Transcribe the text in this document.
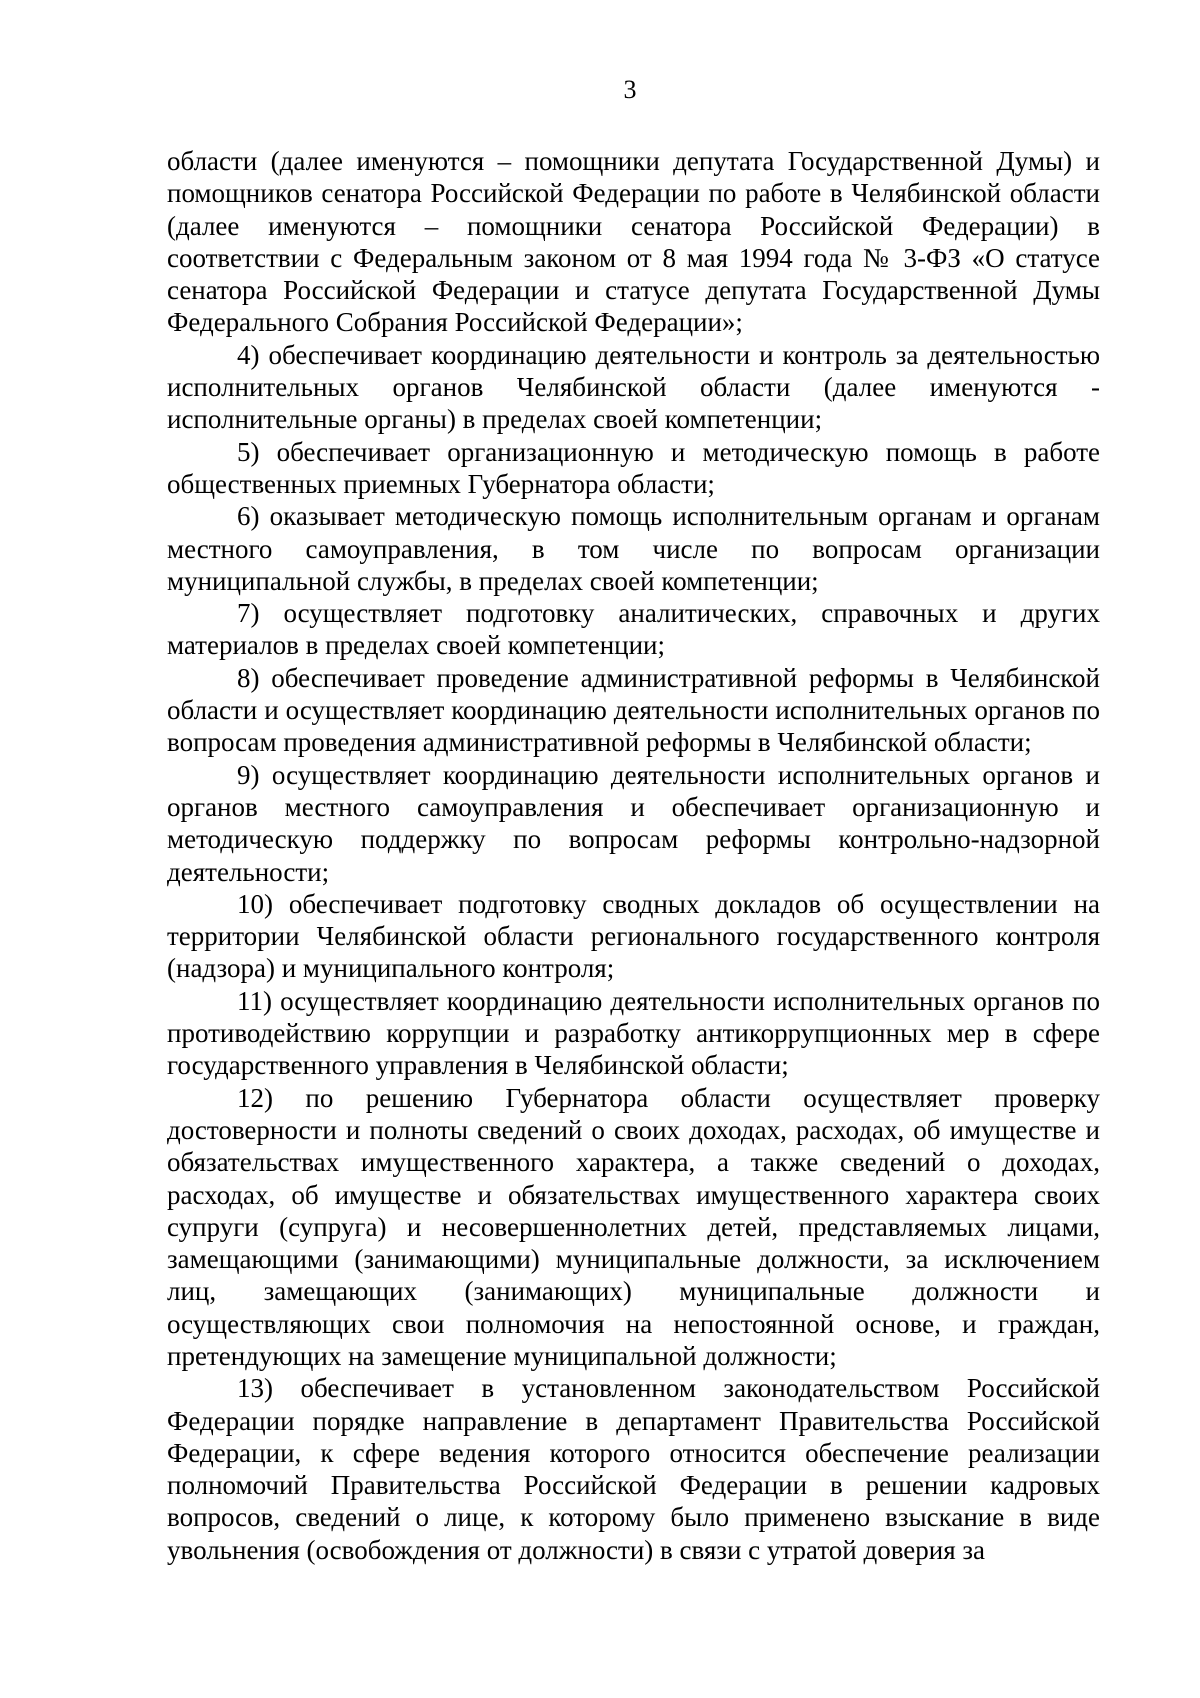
3

области (далее именуются – помощники депутата Государственной Думы) и помощников сенатора Российской Федерации по работе в Челябинской области (далее именуются – помощники сенатора Российской Федерации) в соответствии с Федеральным законом от 8 мая 1994 года № 3-ФЗ «О статусе сенатора Российской Федерации и статусе депутата Государственной Думы Федерального Собрания Российской Федерации»;

4) обеспечивает координацию деятельности и контроль за деятельностью исполнительных органов Челябинской области (далее именуются - исполнительные органы) в пределах своей компетенции;

5) обеспечивает организационную и методическую помощь в работе общественных приемных Губернатора области;

6) оказывает методическую помощь исполнительным органам и органам местного самоуправления, в том числе по вопросам организации муниципальной службы, в пределах своей компетенции;

7) осуществляет подготовку аналитических, справочных и других материалов в пределах своей компетенции;

8) обеспечивает проведение административной реформы в Челябинской области и осуществляет координацию деятельности исполнительных органов по вопросам проведения административной реформы в Челябинской области;

9) осуществляет координацию деятельности исполнительных органов и органов местного самоуправления и обеспечивает организационную и методическую поддержку по вопросам реформы контрольно-надзорной деятельности;

10) обеспечивает подготовку сводных докладов об осуществлении на территории Челябинской области регионального государственного контроля (надзора) и муниципального контроля;

11) осуществляет координацию деятельности исполнительных органов по противодействию коррупции и разработку антикоррупционных мер в сфере государственного управления в Челябинской области;

12) по решению Губернатора области осуществляет проверку достоверности и полноты сведений о своих доходах, расходах, об имуществе и обязательствах имущественного характера, а также сведений о доходах, расходах, об имуществе и обязательствах имущественного характера своих супруги (супруга) и несовершеннолетних детей, представляемых лицами, замещающими (занимающими) муниципальные должности, за исключением лиц, замещающих (занимающих) муниципальные должности и осуществляющих свои полномочия на непостоянной основе, и граждан, претендующих на замещение муниципальной должности;

13) обеспечивает в установленном законодательством Российской Федерации порядке направление в департамент Правительства Российской Федерации, к сфере ведения которого относится обеспечение реализации полномочий Правительства Российской Федерации в решении кадровых вопросов, сведений о лице, к которому было применено взыскание в виде увольнения (освобождения от должности) в связи с утратой доверия за
